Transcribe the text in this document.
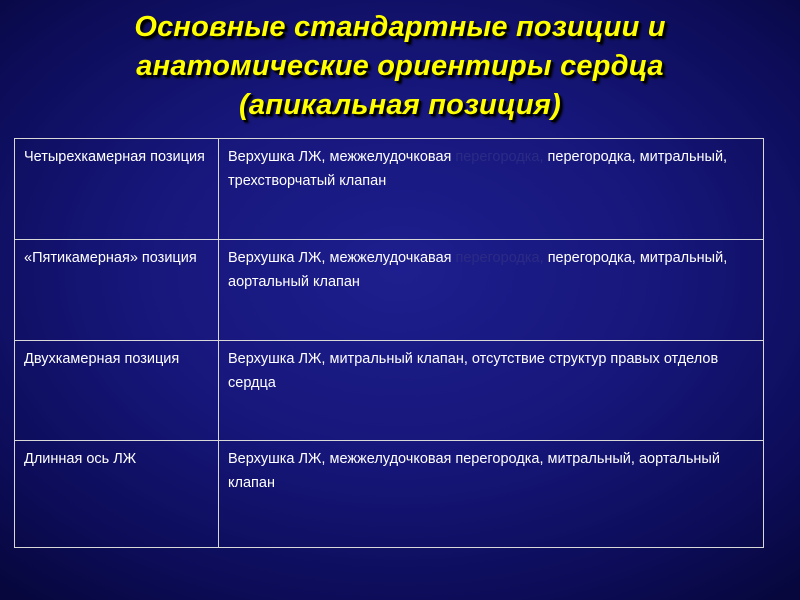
Основные стандартные позиции и
анатомические ориентиры сердца
(апикальная позиция)
Четырехкамерная позиция	Верхушка ЛЖ, межжелудочковая перегородка, перегородка, митральный, трехстворчатый клапан

«Пятикамерная» позиция	Верхушка ЛЖ, межжелудочкавая перегородка, перегородка, митральный, аортальный клапан

Двухкамерная позиция	Верхушка ЛЖ, митральный клапан, отсутствие структур правых отделов сердца

Длинная ось ЛЖ	Верхушка ЛЖ, межжелудочковая перегородка, митральный, аортальный клапан
